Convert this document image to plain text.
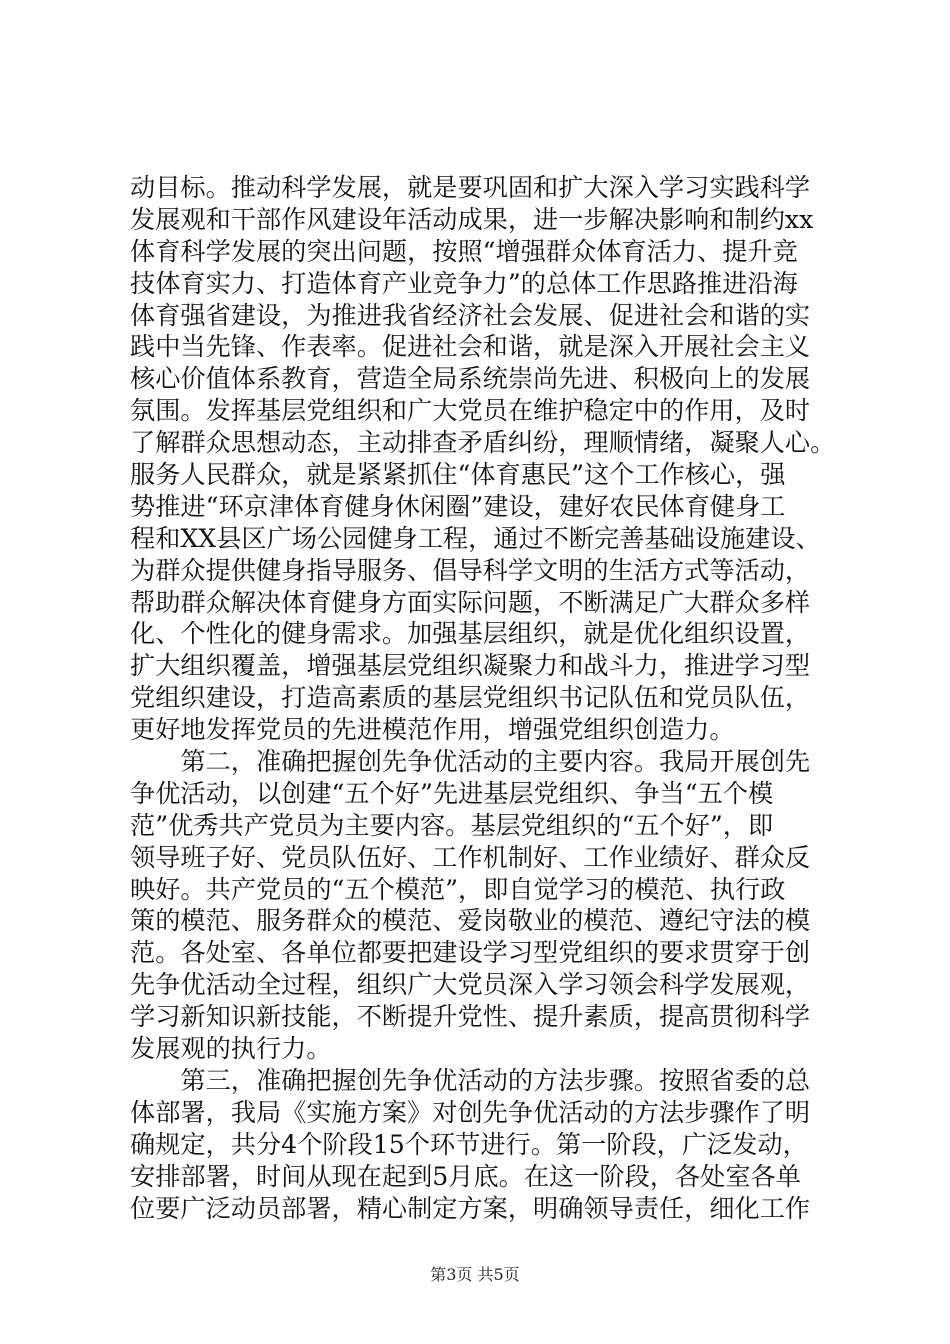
动目标。推动科学发展，就是要巩固和扩大深入学习实践科学
发展观和干部作风建设年活动成果，进一步解决影响和制约xx
体育科学发展的突出问题，按照“增强群众体育活力、提升竞
技体育实力、打造体育产业竞争力”的总体工作思路推进沿海
体育强省建设，为推进我省经济社会发展、促进社会和谐的实
践中当先锋、作表率。促进社会和谐，就是深入开展社会主义
核心价值体系教育，营造全局系统崇尚先进、积极向上的发展
氛围。发挥基层党组织和广大党员在维护稳定中的作用，及时
了解群众思想动态，主动排查矛盾纠纷，理顺情绪，凝聚人心。
服务人民群众，就是紧紧抓住“体育惠民”这个工作核心，强
势推进“环京津体育健身休闲圈”建设，建好农民体育健身工
程和XX县区广场公园健身工程，通过不断完善基础设施建设、
为群众提供健身指导服务、倡导科学文明的生活方式等活动，
帮助群众解决体育健身方面实际问题，不断满足广大群众多样
化、个性化的健身需求。加强基层组织，就是优化组织设置，
扩大组织覆盖，增强基层党组织凝聚力和战斗力，推进学习型
党组织建设，打造高素质的基层党组织书记队伍和党员队伍，
更好地发挥党员的先进模范作用，增强党组织创造力。
　　第二，准确把握创先争优活动的主要内容。我局开展创先
争优活动，以创建“五个好”先进基层党组织、争当“五个模
范”优秀共产党员为主要内容。基层党组织的“五个好”，即
领导班子好、党员队伍好、工作机制好、工作业绩好、群众反
映好。共产党员的“五个模范”，即自觉学习的模范、执行政
策的模范、服务群众的模范、爱岗敬业的模范、遵纪守法的模
范。各处室、各单位都要把建设学习型党组织的要求贯穿于创
先争优活动全过程，组织广大党员深入学习领会科学发展观，
学习新知识新技能，不断提升党性、提升素质，提高贯彻科学
发展观的执行力。
　　第三，准确把握创先争优活动的方法步骤。按照省委的总
体部署，我局《实施方案》对创先争优活动的方法步骤作了明
确规定，共分4个阶段15个环节进行。第一阶段，广泛发动，
安排部署，时间从现在起到5月底。在这一阶段，各处室各单
位要广泛动员部署，精心制定方案，明确领导责任，细化工作
第3页 共5页
